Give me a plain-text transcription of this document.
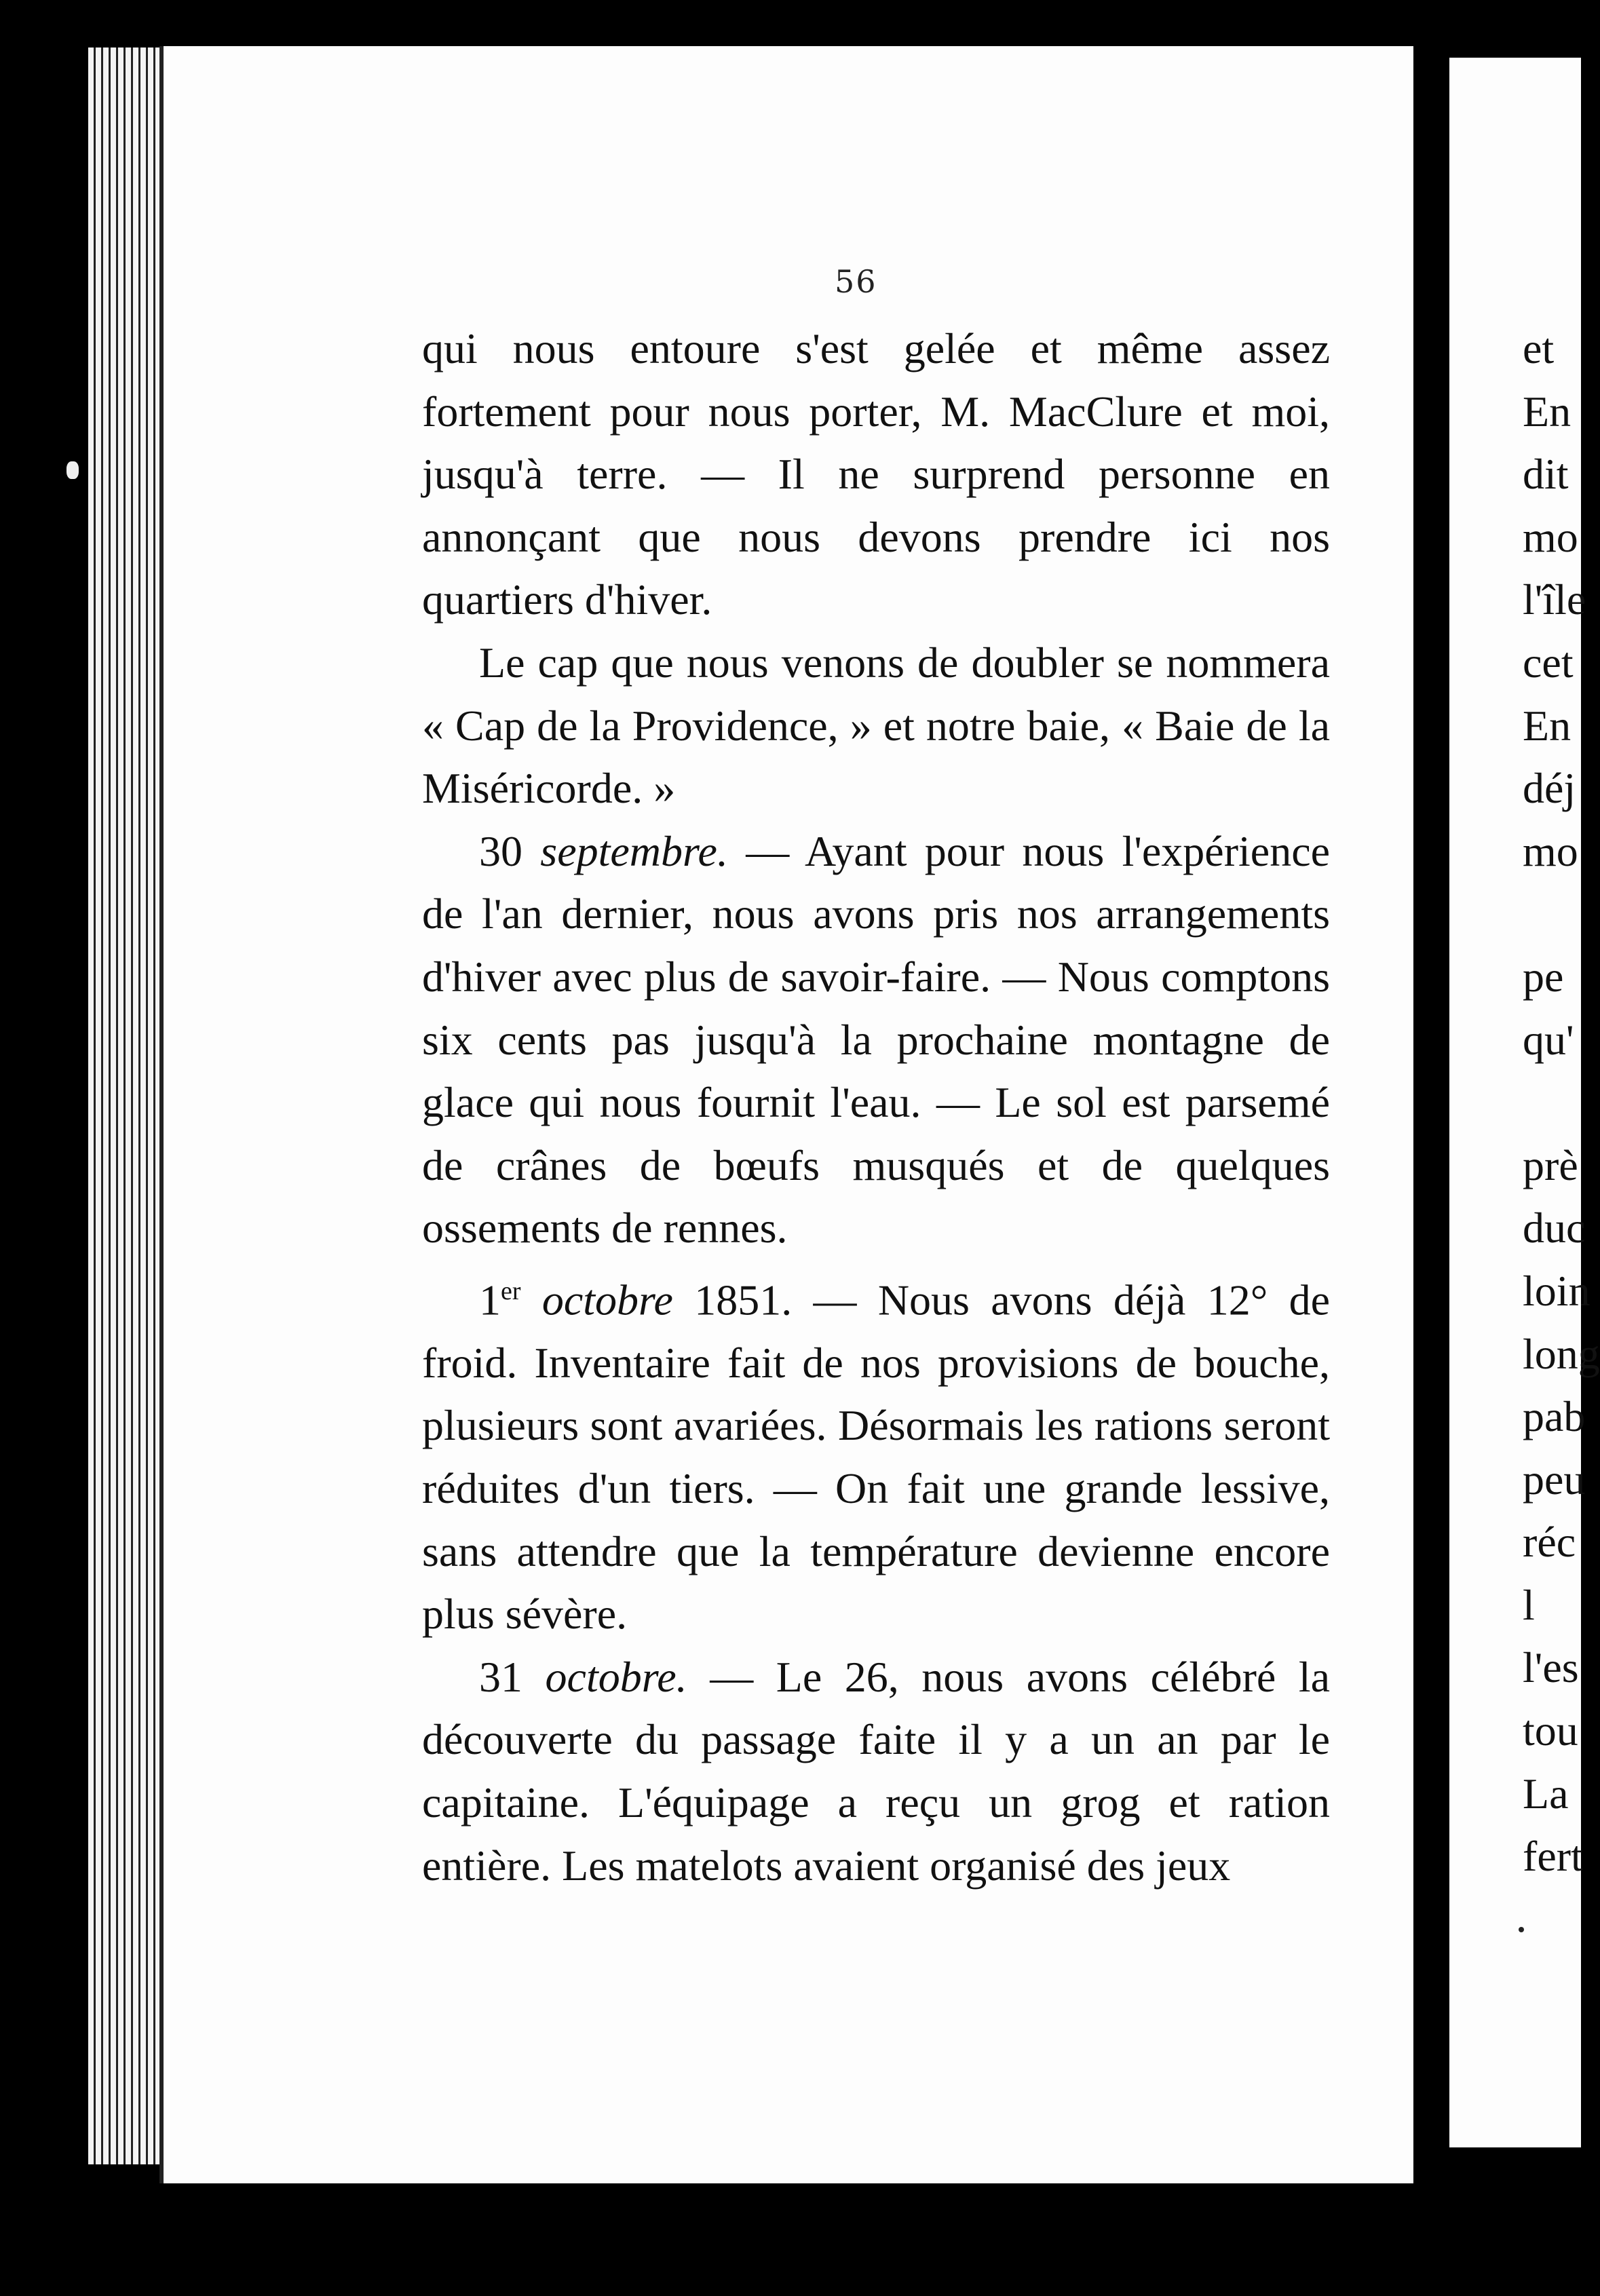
56

qui nous entoure s'est gelée et même assez fortement pour nous porter, M. MacClure et moi, jusqu'à terre. — Il ne surprend personne en annonçant que nous devons prendre ici nos quartiers d'hiver.

Le cap que nous venons de doubler se nommera « Cap de la Providence, » et notre baie, « Baie de la Miséricorde. »

30 septembre. — Ayant pour nous l'expérience de l'an dernier, nous avons pris nos arrangements d'hiver avec plus de savoir-faire. — Nous comptons six cents pas jusqu'à la prochaine montagne de glace qui nous fournit l'eau. — Le sol est parsemé de crânes de bœufs musqués et de quelques ossements de rennes.

1er octobre 1851. — Nous avons déjà 12° de froid. Inventaire fait de nos provisions de bouche, plusieurs sont avariées. Désormais les rations seront réduites d'un tiers. — On fait une grande lessive, sans attendre que la température devienne encore plus sévère.

31 octobre. — Le 26, nous avons célébré la découverte du passage faite il y a un an par le capitaine. L'équipage a reçu un grog et ration entière. Les matelots avaient organisé des jeux

et
En
dit
mo
l'île
cet
En
déj
mo
pe
qu'
prè
duc
loin
long
pab
peu
réc
l
l'es
tou
La
fert
